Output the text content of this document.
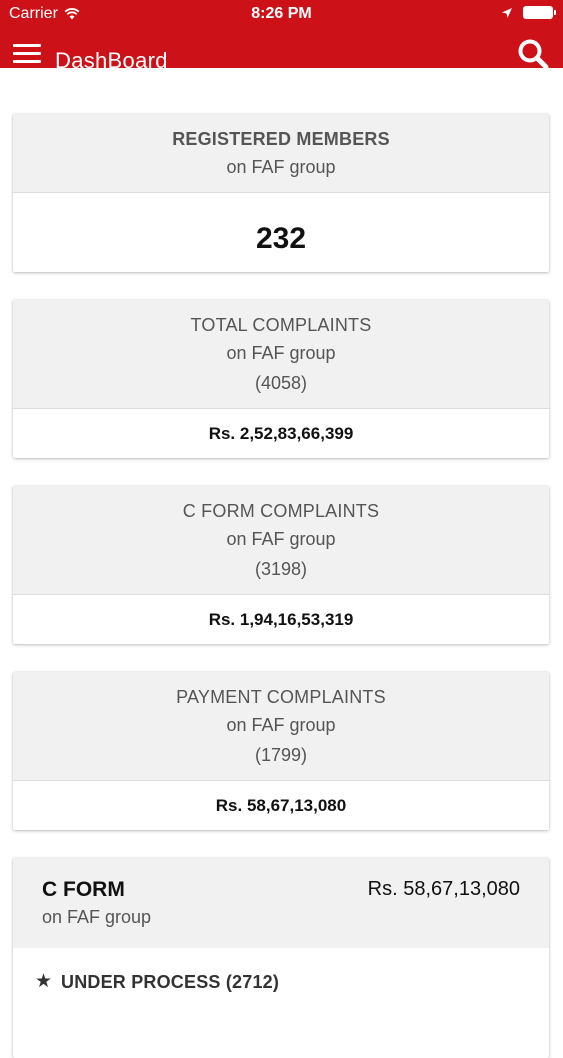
Carrier	8:26 PM
DashBoard
REGISTERED MEMBERS
on FAF group
232
TOTAL COMPLAINTS
on FAF group
(4058)
Rs. 2,52,83,66,399
C FORM COMPLAINTS
on FAF group
(3198)
Rs. 1,94,16,53,319
PAYMENT COMPLAINTS
on FAF group
(1799)
Rs. 58,67,13,080
C FORM
on FAF group
Rs. 58,67,13,080
★ UNDER PROCESS (2712)
